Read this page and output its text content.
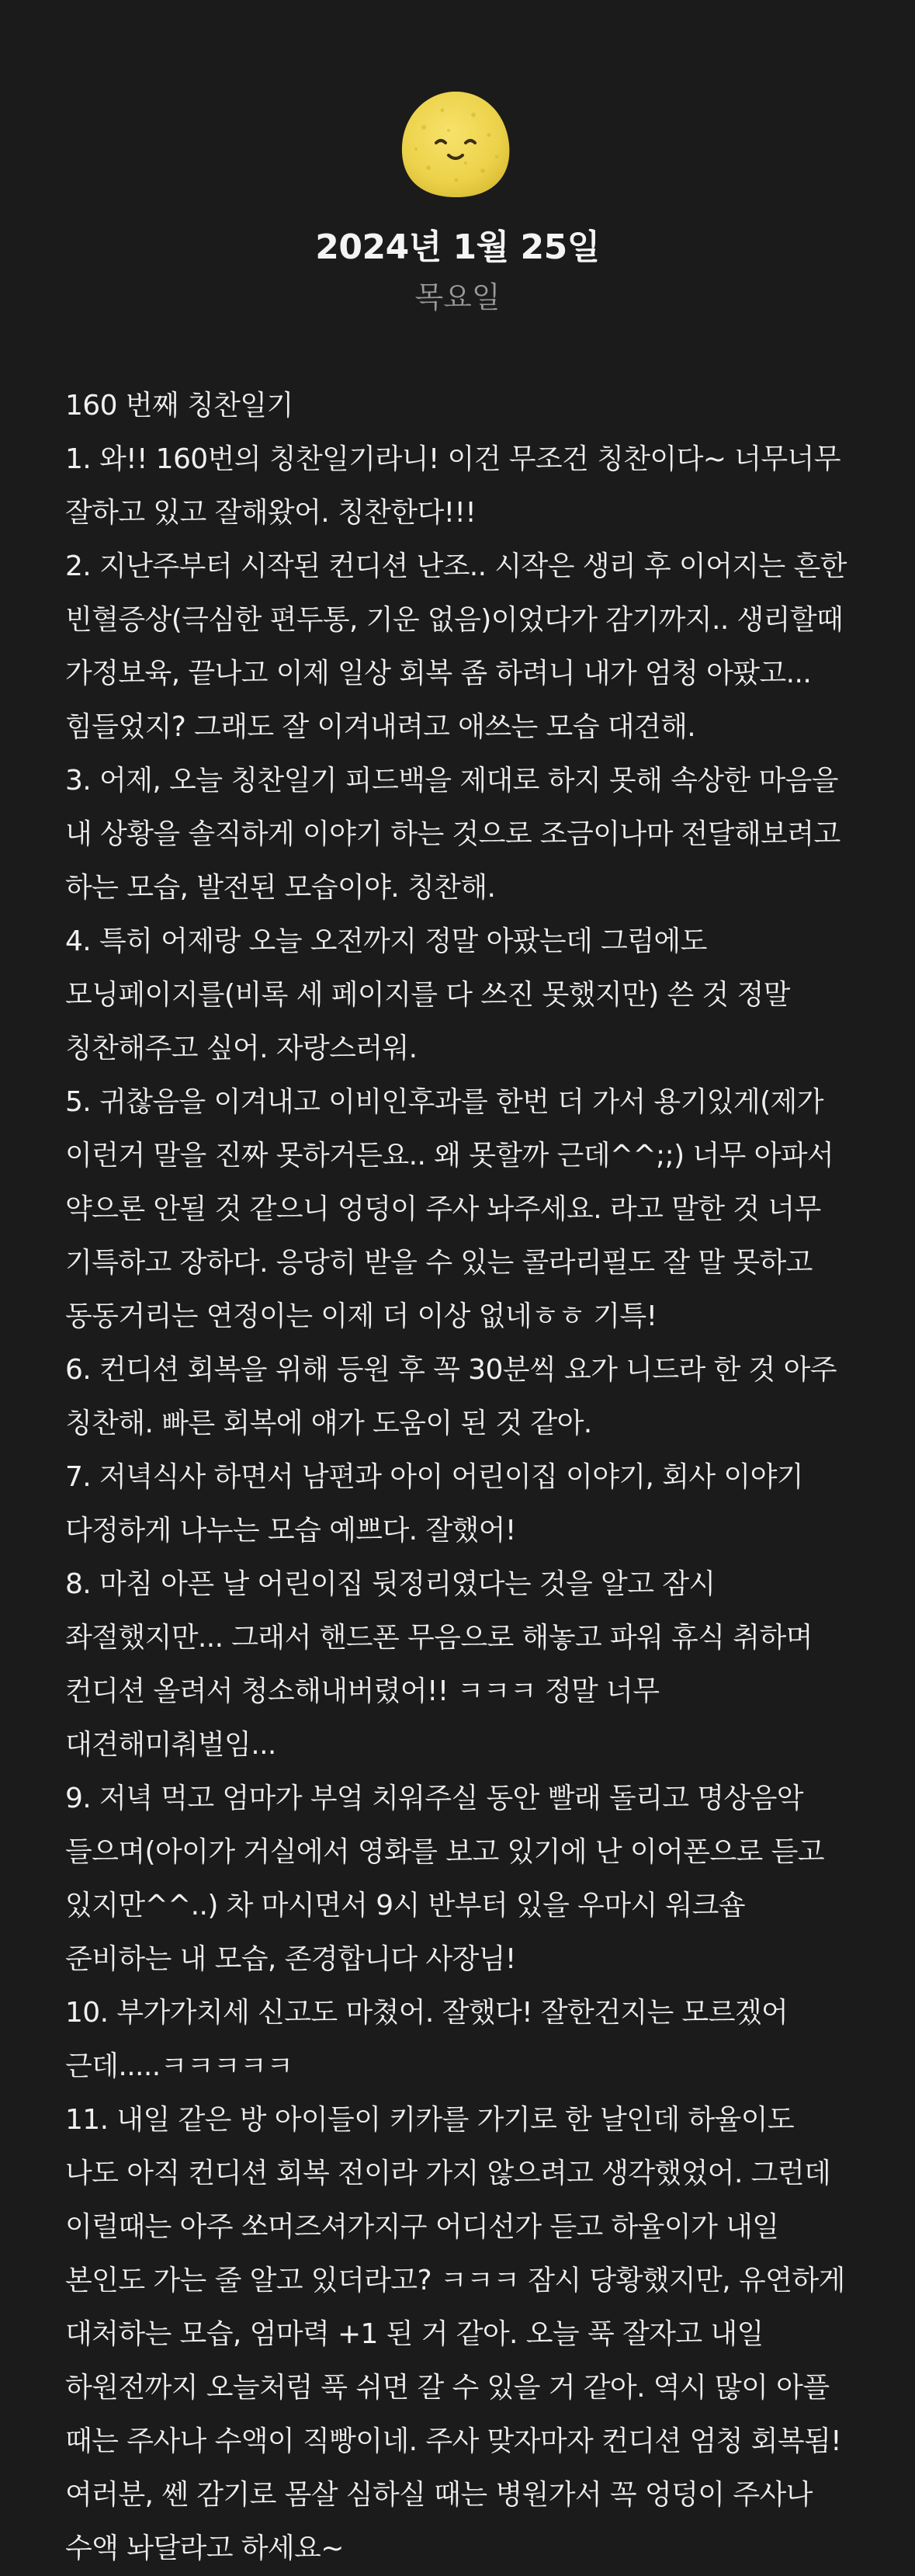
2024년 1월 25일
목요일

160 번째 칭찬일기

1. 와!! 160번의 칭찬일기라니! 이건 무조건 칭찬이다~ 너무너무 잘하고 있고 잘해왔어. 칭찬한다!!!

2. 지난주부터 시작된 컨디션 난조.. 시작은 생리 후 이어지는 흔한 빈혈증상(극심한 편두통, 기운 없음)이었다가 감기까지.. 생리할때 가정보육, 끝나고 이제 일상 회복 좀 하려니 내가 엄청 아팠고... 힘들었지? 그래도 잘 이겨내려고 애쓰는 모습 대견해.

3. 어제, 오늘 칭찬일기 피드백을 제대로 하지 못해 속상한 마음을 내 상황을 솔직하게 이야기 하는 것으로 조금이나마 전달해보려고 하는 모습, 발전된 모습이야. 칭찬해.

4. 특히 어제랑 오늘 오전까지 정말 아팠는데 그럼에도 모닝페이지를(비록 세 페이지를 다 쓰진 못했지만) 쓴 것 정말 칭찬해주고 싶어. 자랑스러워.

5. 귀찮음을 이겨내고 이비인후과를 한번 더 가서 용기있게(제가 이런거 말을 진짜 못하거든요.. 왜 못할까 근데^^;;) 너무 아파서 약으론 안될 것 같으니 엉덩이 주사 놔주세요. 라고 말한 것 너무 기특하고 장하다. 응당히 받을 수 있는 콜라리필도 잘 말 못하고 동동거리는 연정이는 이제 더 이상 없네ㅎㅎ 기특!

6. 컨디션 회복을 위해 등원 후 꼭 30분씩 요가 니드라 한 것 아주 칭찬해. 빠른 회복에 얘가 도움이 된 것 같아.

7. 저녁식사 하면서 남편과 아이 어린이집 이야기, 회사 이야기 다정하게 나누는 모습 예쁘다. 잘했어!

8. 마침 아픈 날 어린이집 뒷정리였다는 것을 알고 잠시 좌절했지만... 그래서 핸드폰 무음으로 해놓고 파워 휴식 취하며 컨디션 올려서 청소해내버렸어!! ㅋㅋㅋ 정말 너무 대견해미춰벌임...

9. 저녁 먹고 엄마가 부엌 치워주실 동안 빨래 돌리고 명상음악 들으며(아이가 거실에서 영화를 보고 있기에 난 이어폰으로 듣고 있지만^^..) 차 마시면서 9시 반부터 있을 우마시 워크숍 준비하는 내 모습, 존경합니다 사장님!

10. 부가가치세 신고도 마쳤어. 잘했다! 잘한건지는 모르겠어 근데.....ㅋㅋㅋㅋㅋ

11. 내일 같은 방 아이들이 키카를 가기로 한 날인데 하율이도 나도 아직 컨디션 회복 전이라 가지 않으려고 생각했었어. 그런데 이럴때는 아주 쏘머즈셔가지구 어디선가 듣고 하율이가 내일 본인도 가는 줄 알고 있더라고? ㅋㅋㅋ 잠시 당황했지만, 유연하게 대처하는 모습, 엄마력 +1 된 거 같아. 오늘 푹 잘자고 내일 하원전까지 오늘처럼 푹 쉬면 갈 수 있을 거 같아. 역시 많이 아플 때는 주사나 수액이 직빵이네. 주사 맞자마자 컨디션 엄청 회복됨! 여러분, 쎈 감기로 몸살 심하실 때는 병원가서 꼭 엉덩이 주사나 수액 놔달라고 하세요~
